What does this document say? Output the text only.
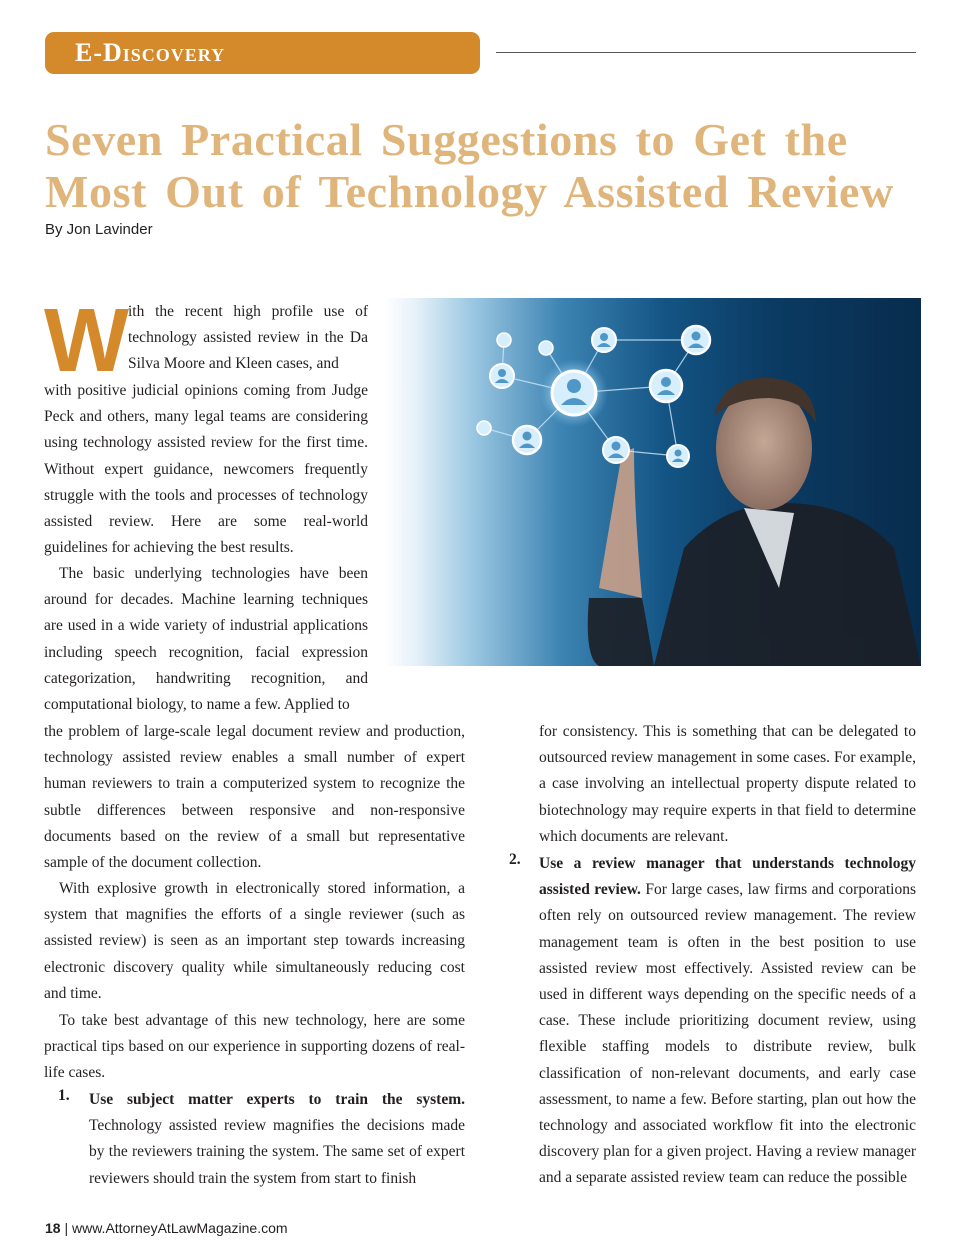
E-Discovery
Seven Practical Suggestions to Get the Most Out of Technology Assisted Review
By Jon Lavinder
W ith the recent high profile use of technology assisted review in the Da Silva Moore and Kleen cases, and

with positive judicial opinions coming from Judge Peck and others, many legal teams are considering using technology assisted review for the first time. Without expert guidance, newcomers frequently struggle with the tools and processes of technology assisted review. Here are some real-world guidelines for achieving the best results.

The basic underlying technologies have been around for decades. Machine learning techniques are used in a wide variety of industrial applications including speech recognition, facial expression categorization, handwriting recognition, and computational biology, to name a few. Applied to

the problem of large-scale legal document review and production, technology assisted review enables a small number of expert human reviewers to train a computerized system to recognize the subtle differences between responsive and non-responsive documents based on the review of a small but representative sample of the document collection.

With explosive growth in electronically stored information, a system that magnifies the efforts of a single reviewer (such as assisted review) is seen as an important step towards increasing electronic discovery quality while simultaneously reducing cost and time.

To take best advantage of this new technology, here are some practical tips based on our experience in supporting dozens of real-life cases.

1. Use subject matter experts to train the system. Technology assisted review magnifies the decisions made by the reviewers training the system. The same set of expert reviewers should train the system from start to finish

for consistency. This is something that can be delegated to outsourced review management in some cases. For example, a case involving an intellectual property dispute related to biotechnology may require experts in that field to determine which documents are relevant.

2. Use a review manager that understands technology assisted review. For large cases, law firms and corporations often rely on outsourced review management. The review management team is often in the best position to use assisted review most effectively. Assisted review can be used in different ways depending on the specific needs of a case. These include prioritizing document review, using flexible staffing models to distribute review, bulk classification of non-relevant documents, and early case assessment, to name a few. Before starting, plan out how the technology and associated workflow fit into the electronic discovery plan for a given project. Having a review manager and a separate assisted review team can reduce the possible

18 | www.AttorneyAtLawMagazine.com
